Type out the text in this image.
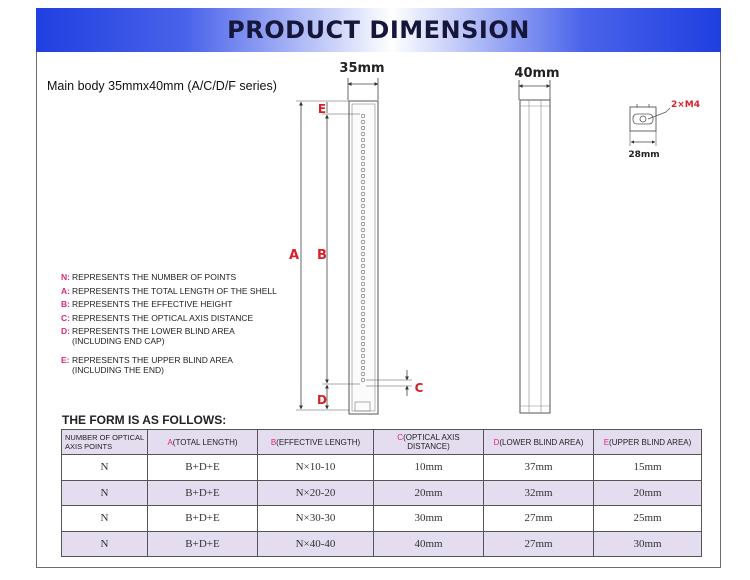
PRODUCT DIMENSION
Main body 35mmx40mm (A/C/D/F series)
35mm
A B
E
D
C
40mm
2×M4
28mm
N: REPRESENTS THE NUMBER OF POINTS
A: REPRESENTS THE TOTAL LENGTH OF THE SHELL
B: REPRESENTS THE EFFECTIVE HEIGHT
C: REPRESENTS THE OPTICAL AXIS DISTANCE
D: REPRESENTS THE LOWER BLIND AREA
(INCLUDING END CAP)
E: REPRESENTS THE UPPER BLIND AREA
(INCLUDING THE END)
THE FORM IS AS FOLLOWS:
NUMBER OF OPTICAL AXIS POINTS	A(TOTAL LENGTH)	B(EFFECTIVE LENGTH)	C(OPTICAL AXIS DISTANCE)	D(LOWER BLIND AREA)	E(UPPER BLIND AREA)
N	B+D+E	N×10-10	10mm	37mm	15mm
N	B+D+E	N×20-20	20mm	32mm	20mm
N	B+D+E	N×30-30	30mm	27mm	25mm
N	B+D+E	N×40-40	40mm	27mm	30mm
